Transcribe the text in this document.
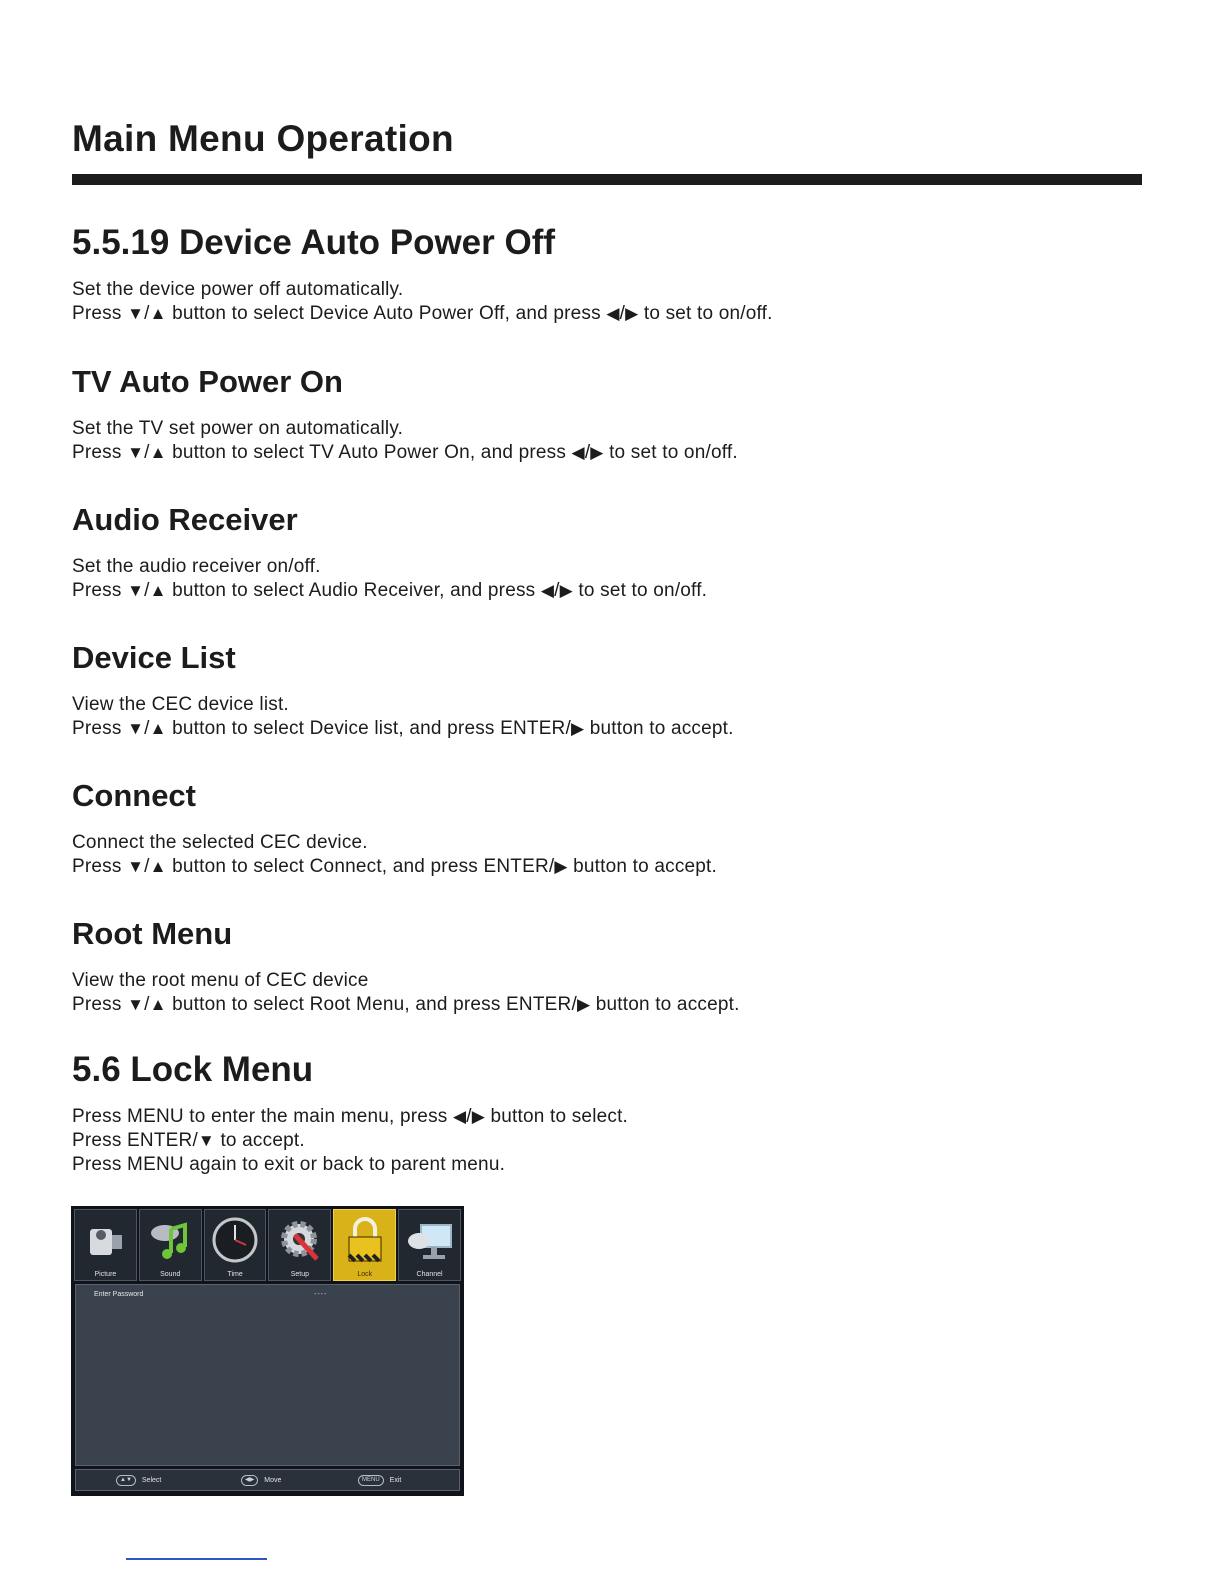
Main Menu Operation
5.5.19 Device Auto Power Off

Set the device power off automatically.

Press ▼/▲ button to select Device Auto Power Off, and press ◀/▶ to set to on/off.

TV Auto Power On

Set the TV set power on automatically.

Press ▼/▲ button to select TV Auto Power On, and press ◀/▶ to set to on/off.

Audio Receiver

Set the audio receiver on/off.

Press ▼/▲ button to select Audio Receiver, and press ◀/▶ to set to on/off.

Device List

View the CEC device list.

Press ▼/▲ button to select Device list, and press ENTER/▶ button to accept.

Connect

Connect the selected CEC device.

Press ▼/▲ button to select Connect, and press ENTER/▶ button to accept.

Root Menu

View the root menu of CEC device

Press ▼/▲ button to select Root Menu, and press ENTER/▶ button to accept.

5.6 Lock Menu

Press MENU to enter the main menu, press ◀/▶ button to select.

Press ENTER/▼ to accept.

Press MENU again to exit or back to parent menu.

Picture	Sound	Time	Setup	Lock	Channel
Enter Password	----
▲▼	Select	◀▶	Move	MENU	Exit
